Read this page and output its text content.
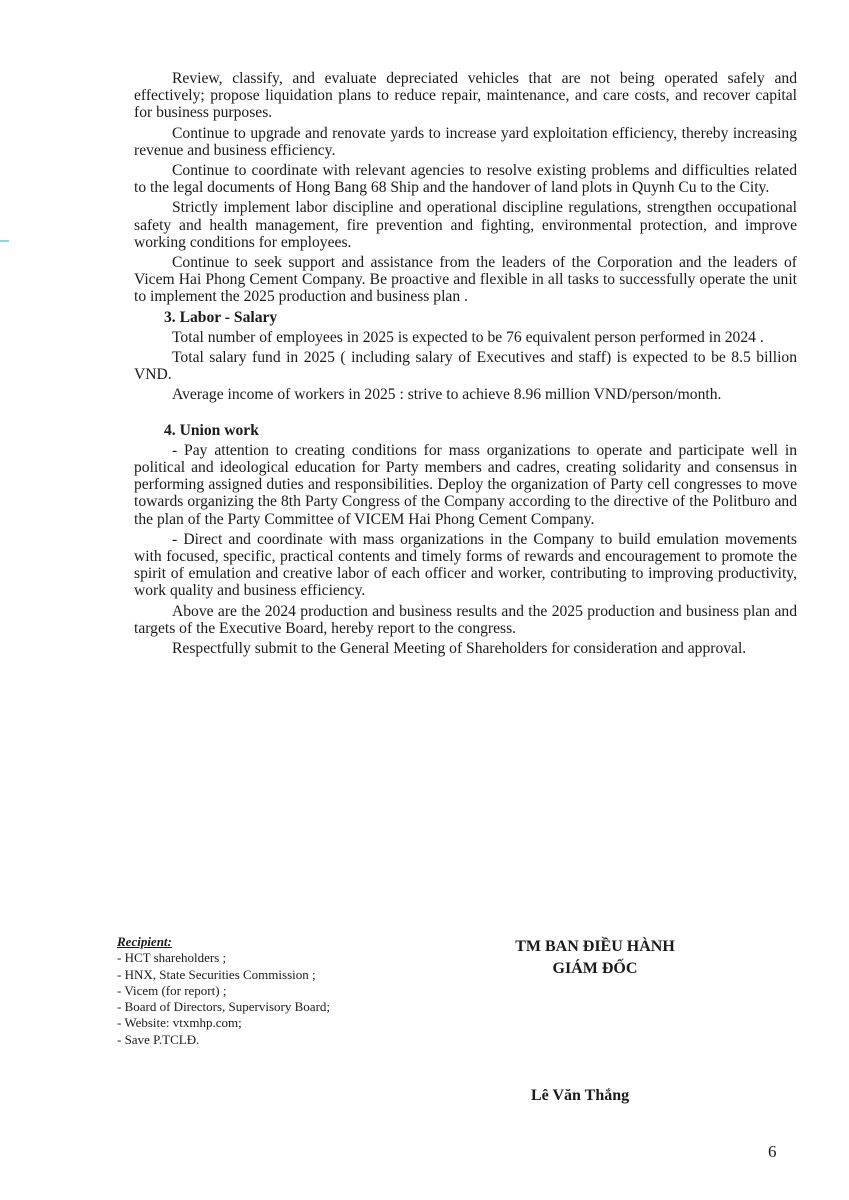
Review, classify, and evaluate depreciated vehicles that are not being operated safely and effectively; propose liquidation plans to reduce repair, maintenance, and care costs, and recover capital for business purposes.

Continue to upgrade and renovate yards to increase yard exploitation efficiency, thereby increasing revenue and business efficiency.

Continue to coordinate with relevant agencies to resolve existing problems and difficulties related to the legal documents of Hong Bang 68 Ship and the handover of land plots in Quynh Cu to the City.

Strictly implement labor discipline and operational discipline regulations, strengthen occupational safety and health management, fire prevention and fighting, environmental protection, and improve working conditions for employees.

Continue to seek support and assistance from the leaders of the Corporation and the leaders of Vicem Hai Phong Cement Company. Be proactive and flexible in all tasks to successfully operate the unit to implement the 2025 production and business plan .

3. Labor - Salary

Total number of employees in 2025 is expected to be 76 equivalent person performed in 2024 .

Total salary fund in 2025 ( including salary of Executives and staff) is expected to be 8.5 billion VND.

Average income of workers in 2025 : strive to achieve 8.96 million VND/person/month.

4. Union work

- Pay attention to creating conditions for mass organizations to operate and participate well in political and ideological education for Party members and cadres, creating solidarity and consensus in performing assigned duties and responsibilities. Deploy the organization of Party cell congresses to move towards organizing the 8th Party Congress of the Company according to the directive of the Politburo and the plan of the Party Committee of VICEM Hai Phong Cement Company.

- Direct and coordinate with mass organizations in the Company to build emulation movements with focused, specific, practical contents and timely forms of rewards and encouragement to promote the spirit of emulation and creative labor of each officer and worker, contributing to improving productivity, work quality and business efficiency.

Above are the 2024 production and business results and the 2025 production and business plan and targets of the Executive Board, hereby report to the congress.

Respectfully submit to the General Meeting of Shareholders for consideration and approval.

Recipient:
- HCT shareholders ;
- HNX, State Securities Commission ;
- Vicem (for report) ;
- Board of Directors, Supervisory Board;
- Website: vtxmhp.com;
- Save P.TCLĐ.
TM BAN ĐIỀU HÀNH
GIÁM ĐỐC
Lê Văn Thắng
6
